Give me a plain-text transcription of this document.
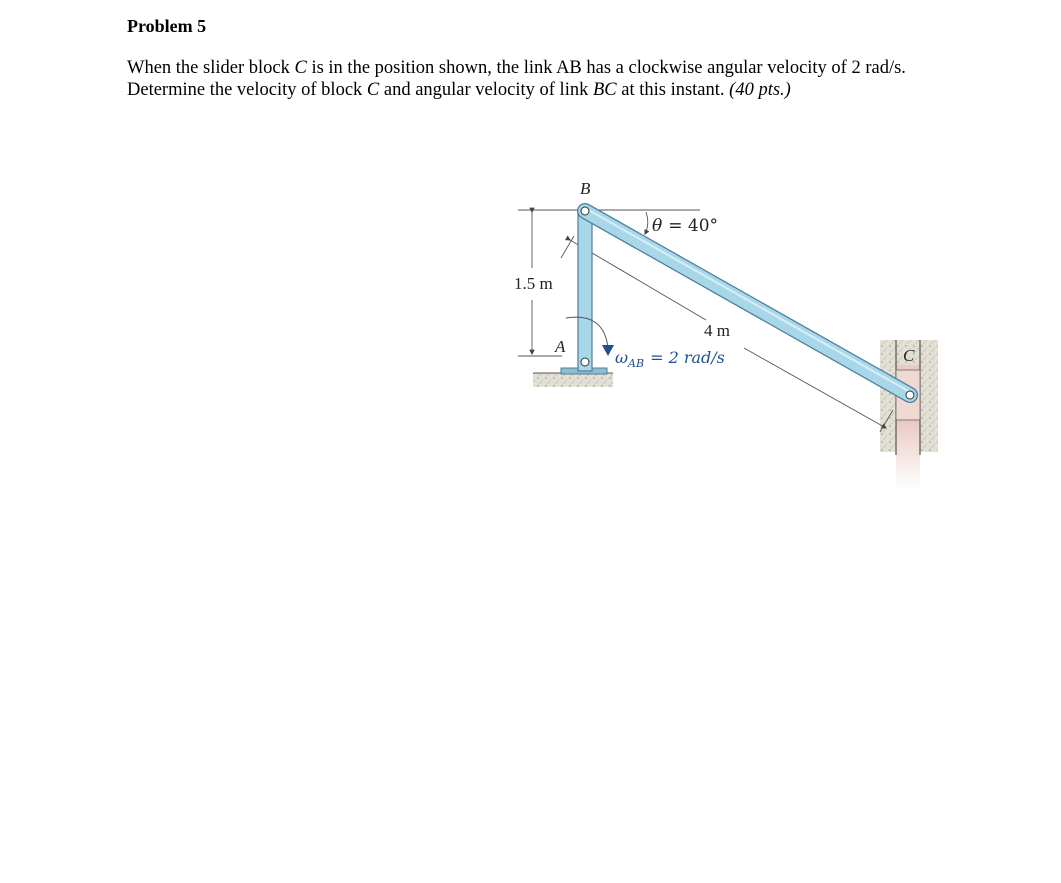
Problem 5
When the slider block C is in the position shown, the link AB has a clockwise angular velocity of 2 rad/s. Determine the velocity of block C and angular velocity of link BC at this instant. (40 pts.)
B
A	C
1.5 m
4 m
θ = 40°
$\omega_{AB} = 2$ rad/s
